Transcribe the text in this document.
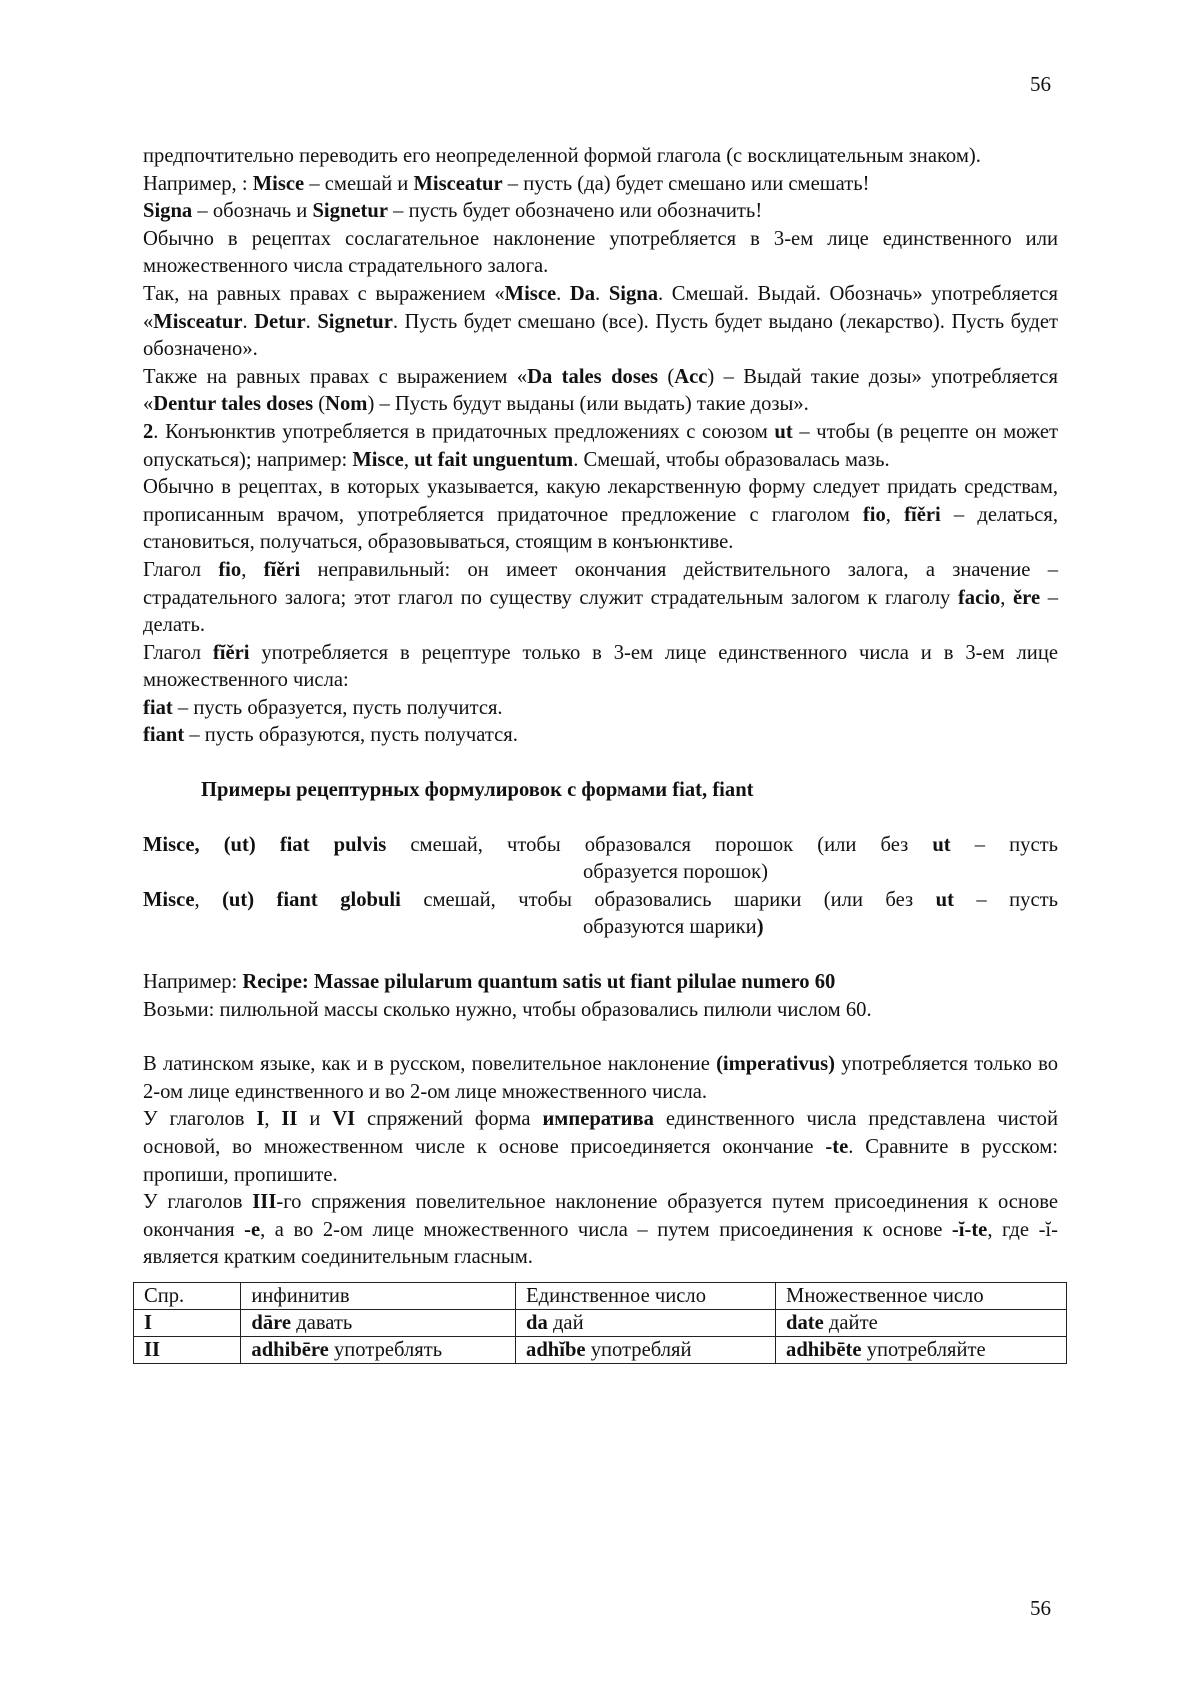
56

предпочтительно переводить его неопределенной формой глагола (с восклицательным знаком).

Например, : Misce – смешай и Misceatur – пусть (да) будет смешано или смешать!

Signa – обозначь и Signetur – пусть будет обозначено или обозначить!

Обычно в рецептах сослагательное наклонение употребляется в 3-ем лице единственного или множественного числа страдательного залога.

Так, на равных правах с выражением «Misce. Da. Signa. Смешай. Выдай. Обозначь» употребляется «Misceatur. Detur. Signetur. Пусть будет смешано (все). Пусть будет выдано (лекарство). Пусть будет обозначено».

Также на равных правах с выражением «Da tales doses (Acc) – Выдай такие дозы» употребляется «Dentur tales doses (Nom) – Пусть будут выданы (или выдать) такие дозы».

2. Конъюнктив употребляется в придаточных предложениях с союзом ut – чтобы (в рецепте он может опускаться); например: Misce, ut fait unguentum. Смешай, чтобы образовалась мазь.

Обычно в рецептах, в которых указывается, какую лекарственную форму следует придать средствам, прописанным врачом, употребляется придаточное предложение с глаголом fio, fĭěri – делаться, становиться, получаться, образовываться, стоящим в конъюнктиве.

Глагол fio, fĭěri неправильный: он имеет окончания действительного залога, а значение – страдательного залога; этот глагол по существу служит страдательным залогом к глаголу facio, ěre – делать.

Глагол fĭěri употребляется в рецептуре только в 3-ем лице единственного числа и в 3-ем лице множественного числа:

fiat – пусть образуется, пусть получится.

fiant – пусть образуются, пусть получатся.

Примеры рецептурных формулировок с формами fiat, fiant

Misce, (ut) fiat pulvis смешай, чтобы образовался порошок (или без ut – пусть
образуется порошок)

Misce, (ut) fiant globuli смешай, чтобы образовались шарики (или без ut – пусть
образуются шарики)

Например: Recipe: Massae pilularum quantum satis ut fiant pilulae numero 60

Возьми: пилюльной массы сколько нужно, чтобы образовались пилюли числом 60.

В латинском языке, как и в русском, повелительное наклонение (imperativus) употребляется только во 2-ом лице единственного и во 2-ом лице множественного числа.

У глаголов I, II и VI спряжений форма императива единственного числа представлена чистой основой, во множественном числе к основе присоединяется окончание -te. Сравните в русском: пропиши, пропишите.

У глаголов III-го спряжения повелительное наклонение образуется путем присоединения к основе окончания -e, а во 2-ом лице множественного числа – путем присоединения к основе -ĭ-te, где -ĭ- является кратким соединительным гласным.

Спр.	инфинитив	Единственное число	Множественное число
I	dāre давать	da дай	date дайте
II	adhibēre употреблять	adhĭbe употребляй	adhibēte употребляйте
56
